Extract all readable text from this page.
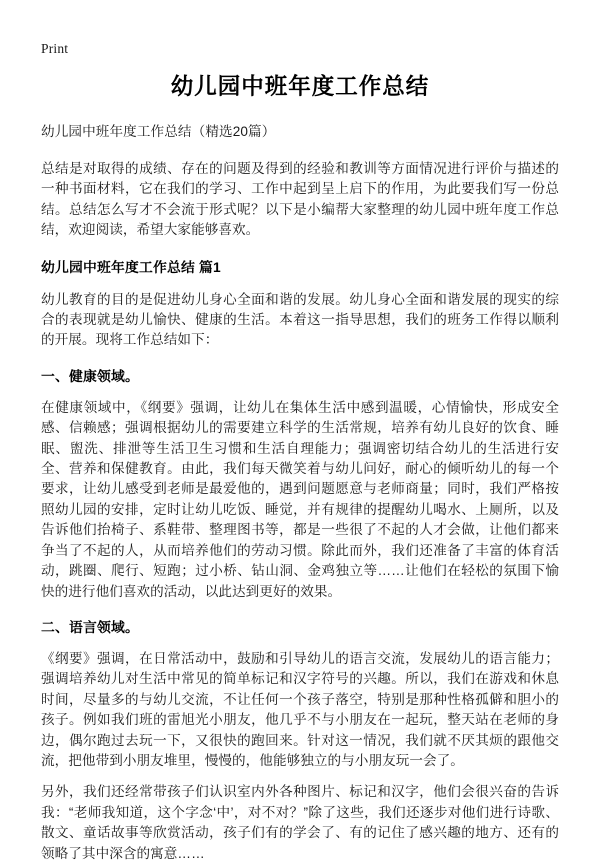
Print
幼儿园中班年度工作总结

幼儿园中班年度工作总结（精选20篇）

总结是对取得的成绩、存在的问题及得到的经验和教训等方面情况进行评价与描述的一种书面材料，它在我们的学习、工作中起到呈上启下的作用，为此要我们写一份总结。总结怎么写才不会流于形式呢？以下是小编帮大家整理的幼儿园中班年度工作总结，欢迎阅读，希望大家能够喜欢。

幼儿园中班年度工作总结 篇1

幼儿教育的目的是促进幼儿身心全面和谐的发展。幼儿身心全面和谐发展的现实的综合的表现就是幼儿愉快、健康的生活。本着这一指导思想，我们的班务工作得以顺利的开展。现将工作总结如下：

一、健康领域。

在健康领域中，《纲要》强调，让幼儿在集体生活中感到温暖，心情愉快，形成安全感、信赖感；强调根据幼儿的需要建立科学的生活常规，培养有幼儿良好的饮食、睡眠、盥洗、排泄等生活卫生习惯和生活自理能力；强调密切结合幼儿的生活进行安全、营养和保健教育。由此，我们每天微笑着与幼儿问好，耐心的倾听幼儿的每一个要求，让幼儿感受到老师是最爱他的，遇到问题愿意与老师商量；同时，我们严格按照幼儿园的安排，定时让幼儿吃饭、睡觉，并有规律的提醒幼儿喝水、上厕所，以及告诉他们抬椅子、系鞋带、整理图书等，都是一些很了不起的人才会做，让他们都来争当了不起的人，从而培养他们的劳动习惯。除此而外，我们还准备了丰富的体育活动，跳圈、爬行、短跑；过小桥、钻山洞、金鸡独立等……让他们在轻松的氛围下愉快的进行他们喜欢的活动，以此达到更好的效果。

二、语言领域。

《纲要》强调，在日常活动中，鼓励和引导幼儿的语言交流，发展幼儿的语言能力；强调培养幼儿对生活中常见的简单标记和汉字符号的兴趣。所以，我们在游戏和休息时间，尽量多的与幼儿交流，不让任何一个孩子落空，特别是那种性格孤僻和胆小的孩子。例如我们班的雷旭光小朋友，他几乎不与小朋友在一起玩，整天站在老师的身边，偶尔跑过去玩一下，又很快的跑回来。针对这一情况，我们就不厌其烦的跟他交流，把他带到小朋友堆里，慢慢的，他能够独立的与小朋友玩一会了。

另外，我们还经常带孩子们认识室内外各种图片、标记和汉字，他们会很兴奋的告诉我：“老师我知道，这个字念‘中’，对不对？”除了这些，我们还逐步对他们进行诗歌、散文、童话故事等欣赏活动，孩子们有的学会了、有的记住了感兴趣的地方、还有的领略了其中深含的寓意……
